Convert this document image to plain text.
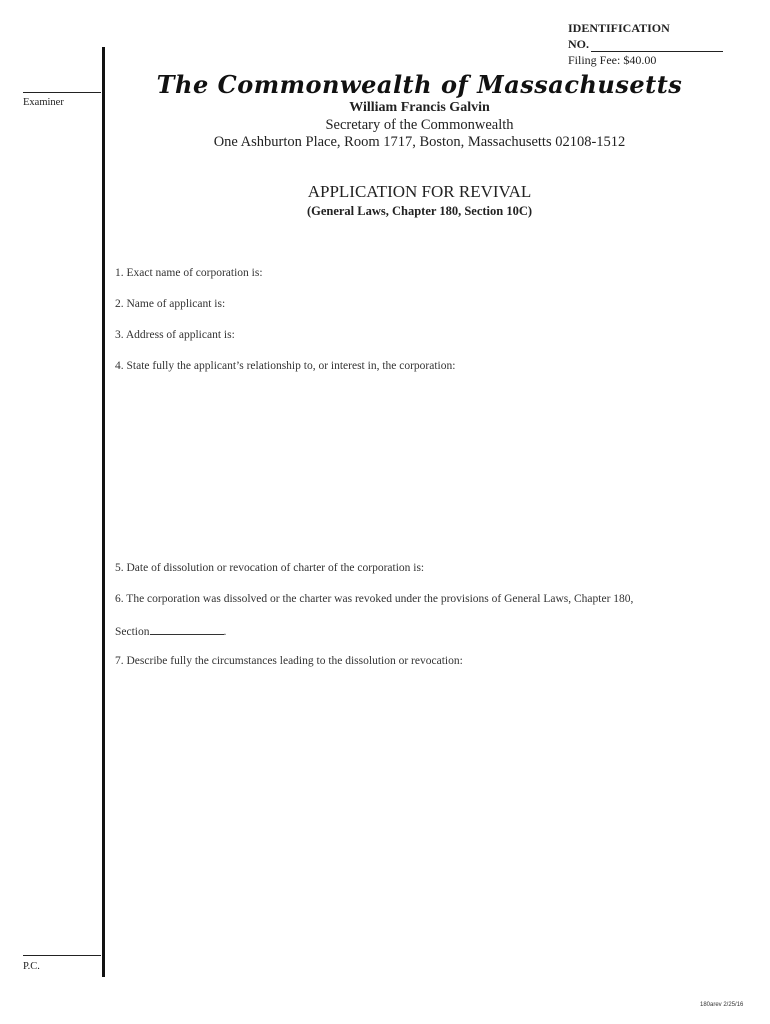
IDENTIFICATION
NO.
Filing Fee: $40.00
Examiner
P.C.
The Commonwealth of Massachusetts
William Francis Galvin
Secretary of the Commonwealth
One Ashburton Place, Room 1717, Boston, Massachusetts 02108-1512
APPLICATION FOR REVIVAL
(General Laws, Chapter 180, Section 10C)
1. Exact name of corporation is:
2. Name of applicant is:
3. Address of applicant is:
4. State fully the applicant’s relationship to, or interest in, the corporation:
5. Date of dissolution or revocation of charter of the corporation is:
6. The corporation was dissolved or the charter was revoked under the provisions of General Laws, Chapter 180,
Section	.
7. Describe fully the circumstances leading to the dissolution or revocation:
180arev 2/25/16
